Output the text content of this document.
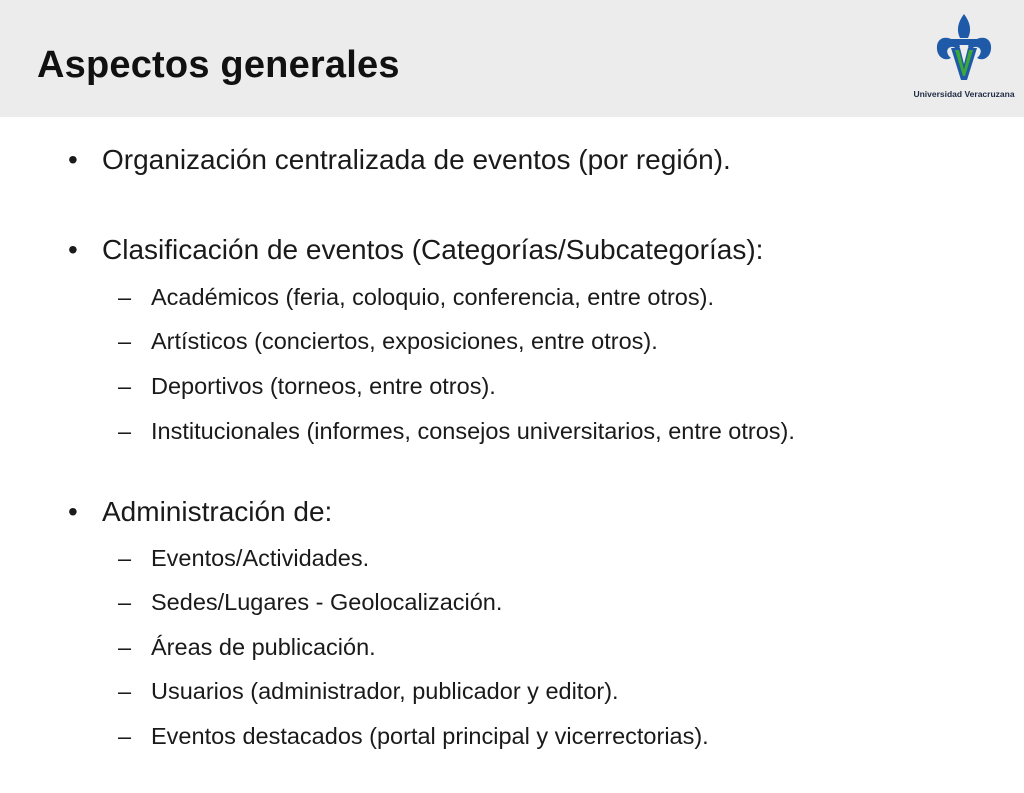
Aspectos generales
Universidad Veracruzana
• Organización centralizada de eventos (por región).
• Clasificación de eventos (Categorías/Subcategorías):
– Académicos (feria, coloquio, conferencia, entre otros).
– Artísticos (conciertos, exposiciones, entre otros).
– Deportivos (torneos, entre otros).
– Institucionales (informes, consejos universitarios, entre otros).
• Administración de:
– Eventos/Actividades.
– Sedes/Lugares - Geolocalización.
– Áreas de publicación.
– Usuarios (administrador, publicador y editor).
– Eventos destacados (portal principal y vicerrectorias).
